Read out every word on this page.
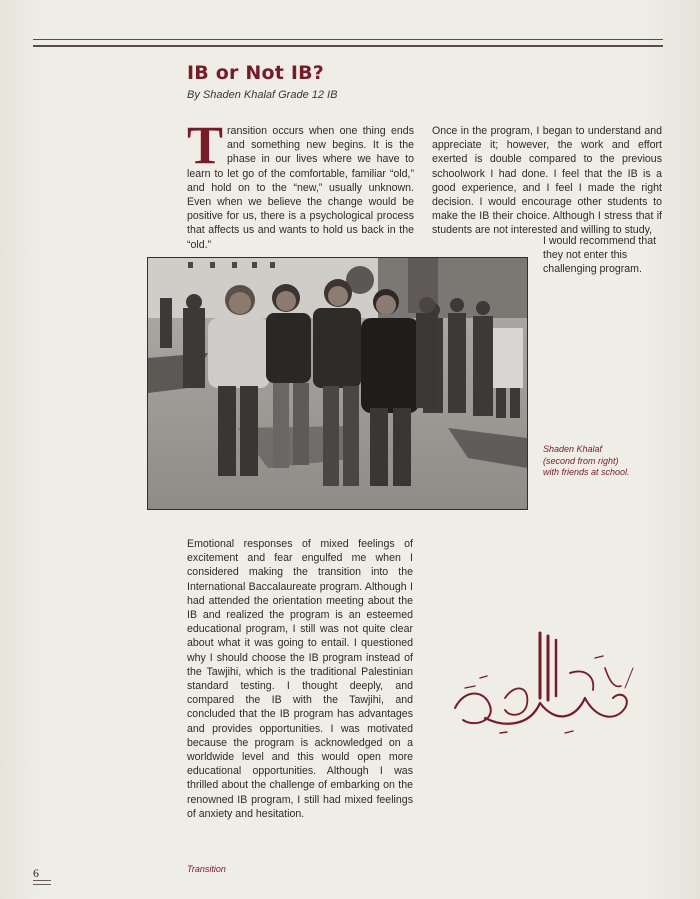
IB or Not IB?
By Shaden Khalaf Grade 12 IB
Transition occurs when one thing ends and something new begins. It is the phase in our lives where we have to learn to let go of the comfortable, familiar “old,” and hold on to the “new,” usually unknown. Even when we believe the change would be positive for us, there is a psychological process that affects us and wants to hold us back in the “old.”
Once in the program, I began to understand and appreciate it; however, the work and effort exerted is double compared to the previous schoolwork I had done. I feel that the IB is a good experience, and I feel I made the right decision. I would encourage other students to make the IB their choice. Although I stress that if students are not interested and willing to study,
I would recommend that they not enter this challenging program.
Shaden Khalaf
(second from right)
with friends at school.
Emotional responses of mixed feelings of excitement and fear engulfed me when I considered making the transition into the International Baccalaureate program. Although I had attended the orientation meeting about the IB and realized the program is an esteemed educational program, I still was not quite clear about what it was going to entail. I questioned why I should choose the IB program instead of the Tawjihi, which is the traditional Palestinian standard testing. I thought deeply, and compared the IB with the Tawjihi, and concluded that the IB program has advantages and provides opportunities. I was motivated because the program is acknowledged on a worldwide level and this would open more educational opportunities. Although I was thrilled about the challenge of embarking on the renowned IB program, I still had mixed feelings of anxiety and hesitation.
6	Transition
